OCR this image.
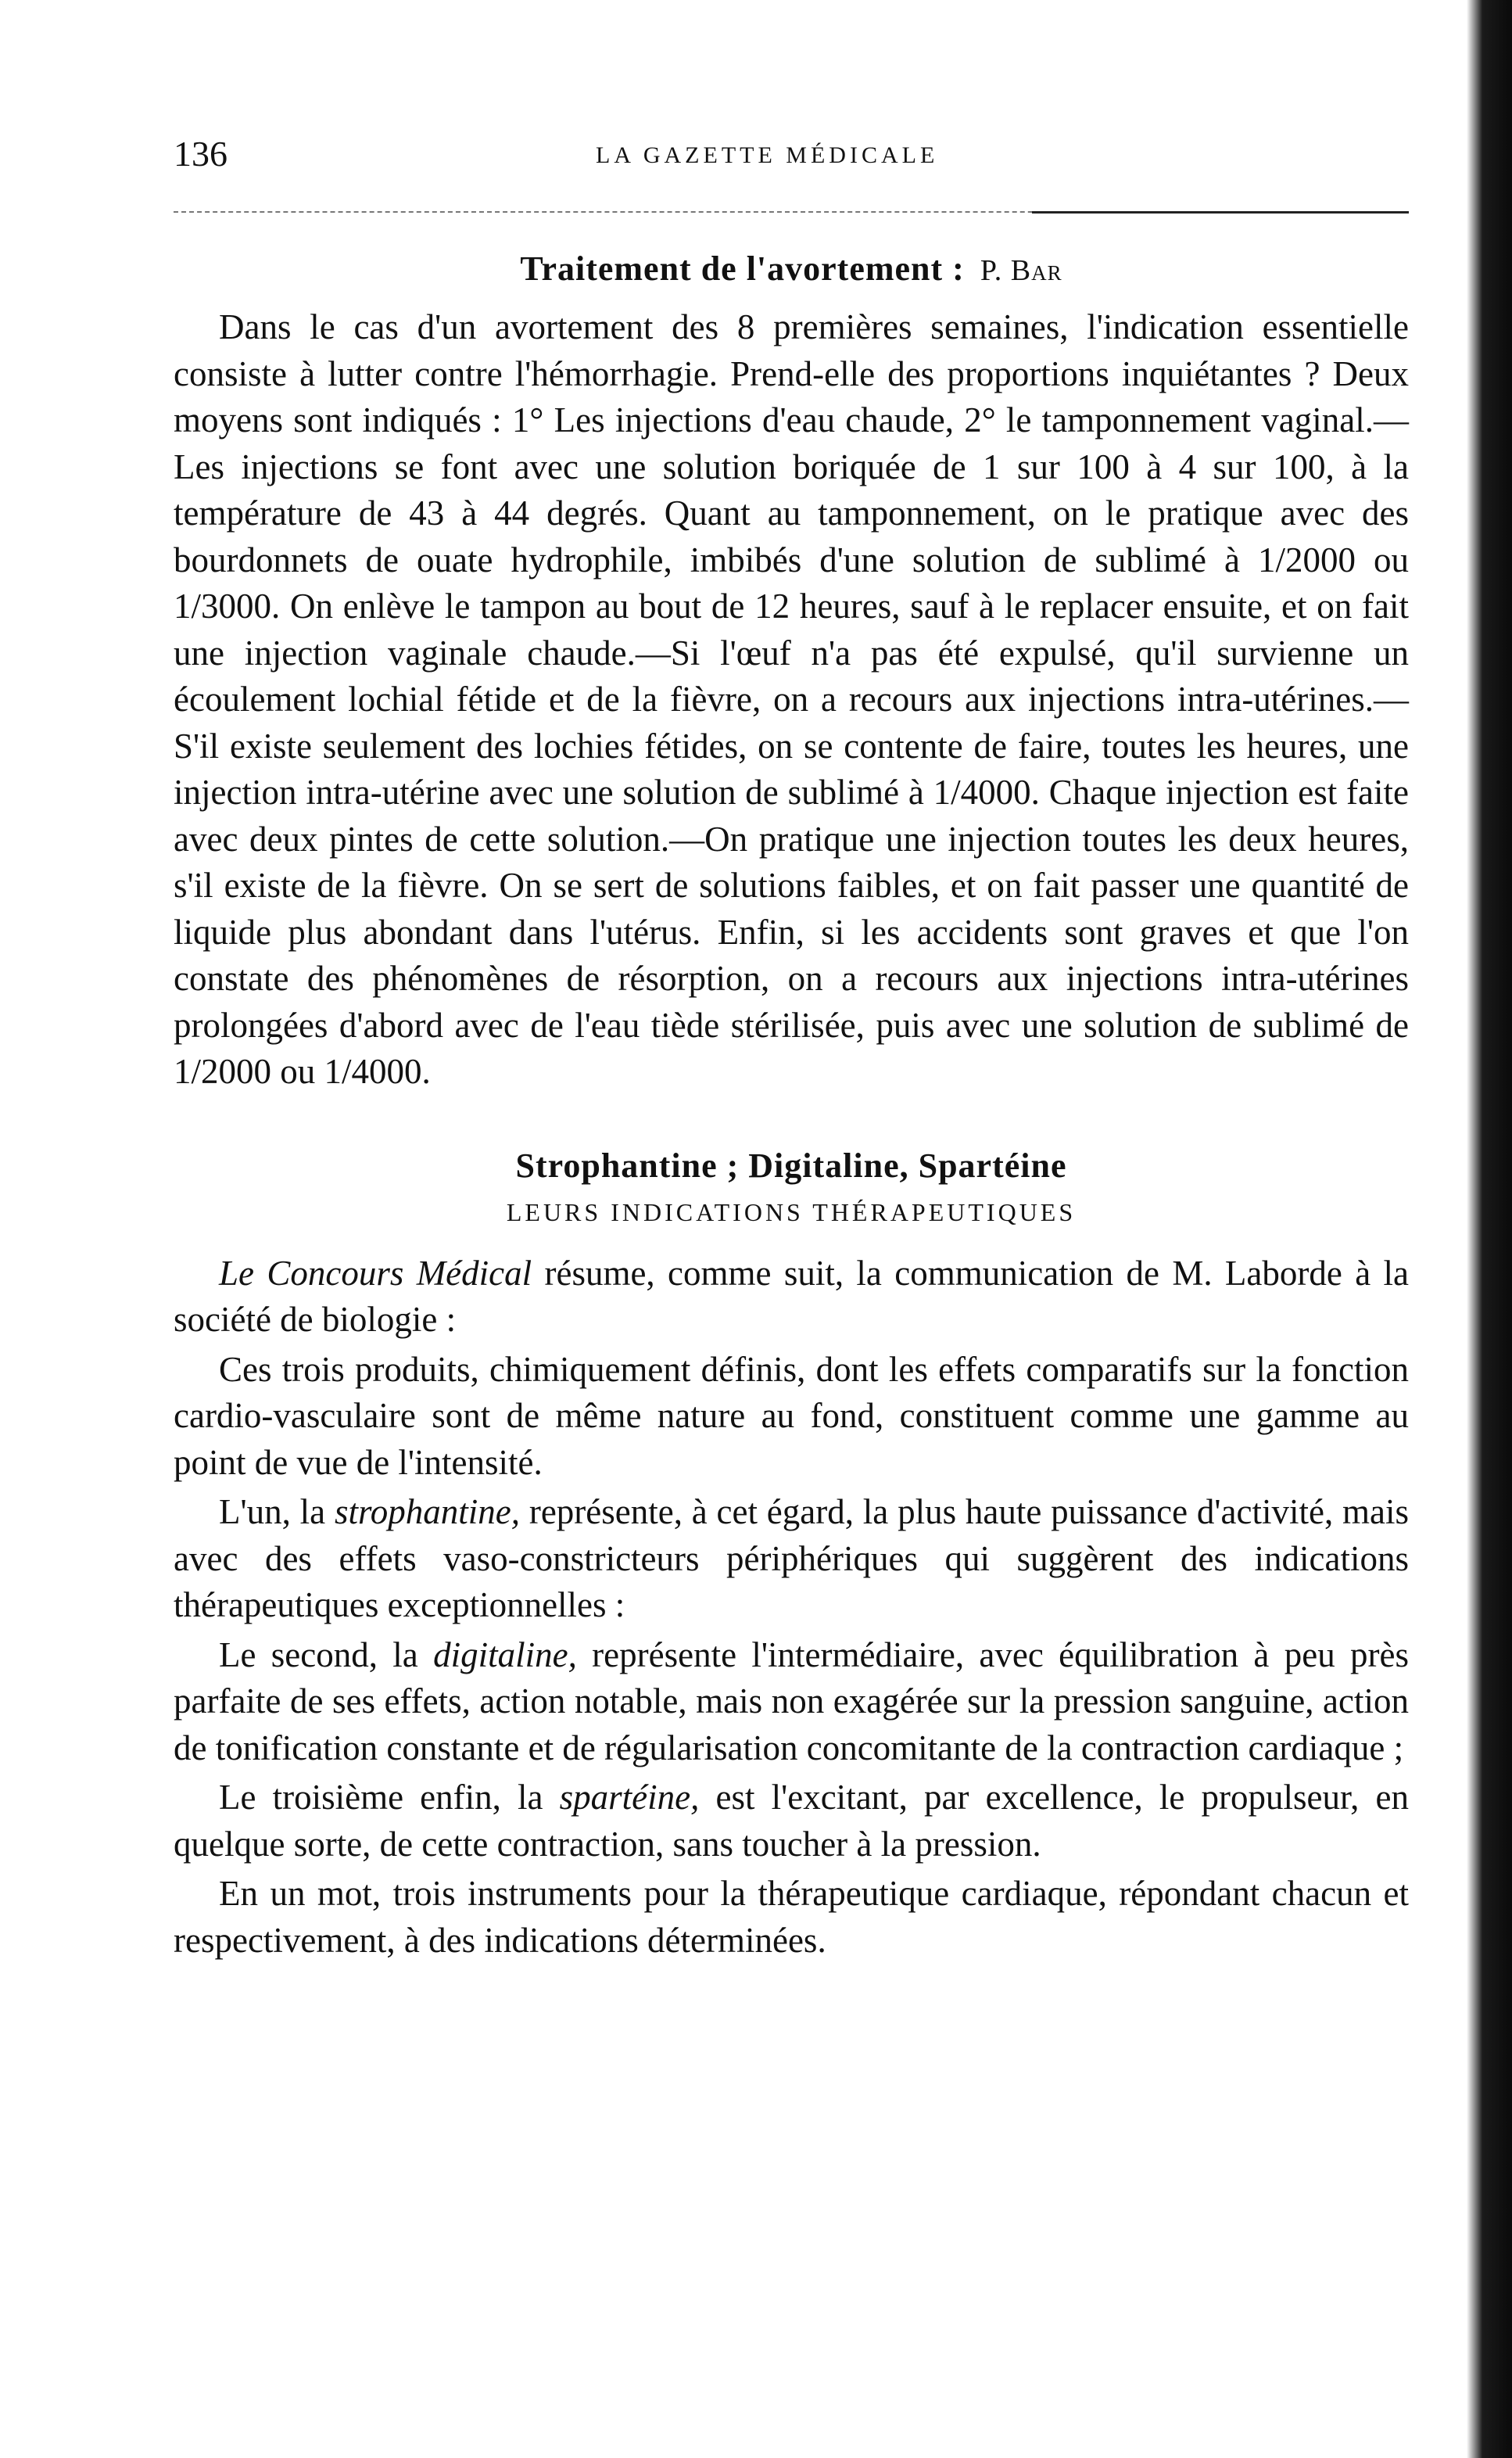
136	LA GAZETTE MÉDICALE
Traitement de l'avortement : P. Bar

Dans le cas d'un avortement des 8 premières semaines, l'indication essentielle consiste à lutter contre l'hémorrhagie. Prend-elle des proportions inquiétantes ? Deux moyens sont indiqués : 1° Les injections d'eau chaude, 2° le tamponnement vaginal.—Les injections se font avec une solution boriquée de 1 sur 100 à 4 sur 100, à la température de 43 à 44 degrés. Quant au tamponnement, on le pratique avec des bourdonnets de ouate hydrophile, imbibés d'une solution de sublimé à 1/2000 ou 1/3000. On enlève le tampon au bout de 12 heures, sauf à le replacer ensuite, et on fait une injection vaginale chaude.—Si l'œuf n'a pas été expulsé, qu'il survienne un écoulement lochial fétide et de la fièvre, on a recours aux injections intra-utérines.—S'il existe seulement des lochies fétides, on se contente de faire, toutes les heures, une injection intra-utérine avec une solution de sublimé à 1/4000. Chaque injection est faite avec deux pintes de cette solution.—On pratique une injection toutes les deux heures, s'il existe de la fièvre. On se sert de solutions faibles, et on fait passer une quantité de liquide plus abondant dans l'utérus. Enfin, si les accidents sont graves et que l'on constate des phénomènes de résorption, on a recours aux injections intra-utérines prolongées d'abord avec de l'eau tiède stérilisée, puis avec une solution de sublimé de 1/2000 ou 1/4000.

Strophantine ; Digitaline, Spartéine
LEURS INDICATIONS THÉRAPEUTIQUES

Le Concours Médical résume, comme suit, la communication de M. Laborde à la société de biologie :

Ces trois produits, chimiquement définis, dont les effets comparatifs sur la fonction cardio-vasculaire sont de même nature au fond, constituent comme une gamme au point de vue de l'intensité.

L'un, la strophantine, représente, à cet égard, la plus haute puissance d'activité, mais avec des effets vaso-constricteurs périphériques qui suggèrent des indications thérapeutiques exceptionnelles :

Le second, la digitaline, représente l'intermédiaire, avec équilibration à peu près parfaite de ses effets, action notable, mais non exagérée sur la pression sanguine, action de tonification constante et de régularisation concomitante de la contraction cardiaque ;

Le troisième enfin, la spartéine, est l'excitant, par excellence, le propulseur, en quelque sorte, de cette contraction, sans toucher à la pression.

En un mot, trois instruments pour la thérapeutique cardiaque, répondant chacun et respectivement, à des indications déterminées.
